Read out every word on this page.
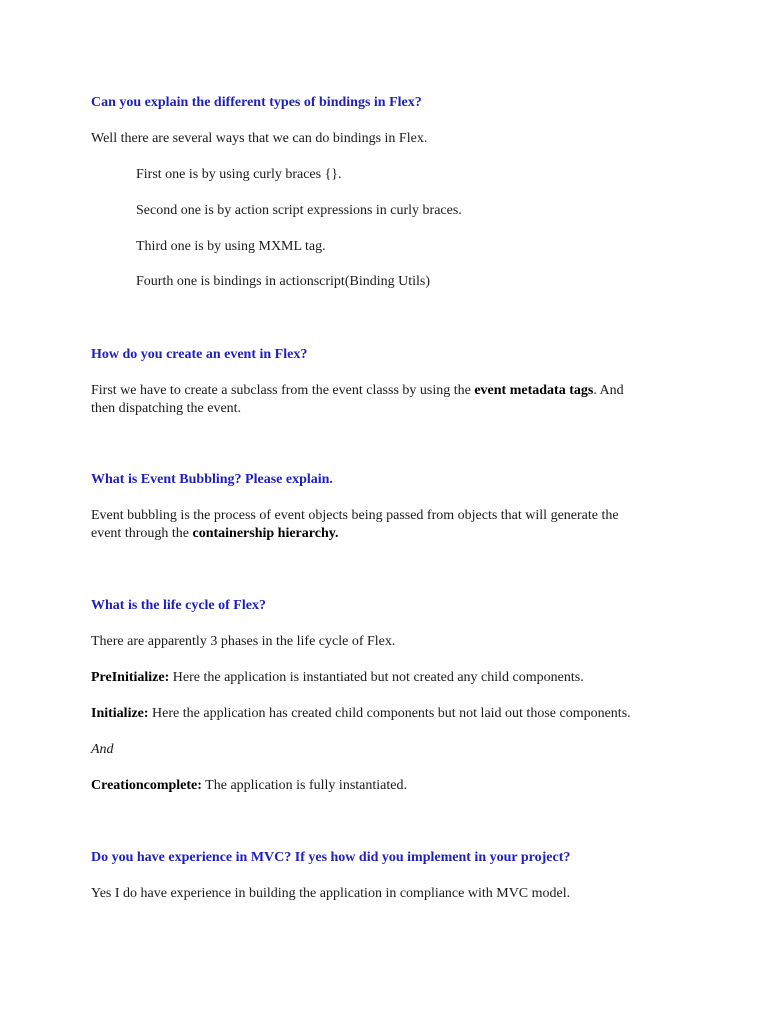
Can you explain the different types of bindings in Flex?
Well there are several ways that we can do bindings in Flex.
First one is by using curly braces {}.
Second one is by action script expressions in curly braces.
Third one is by using MXML tag.
Fourth one is bindings in actionscript(Binding Utils)
How do you create an event in Flex?
First we have to create a subclass from the event classs by using the event metadata tags. And
then dispatching the event.
What is Event Bubbling? Please explain.
Event bubbling is the process of event objects being passed from objects that will generate the
event through the containership hierarchy.
What is the life cycle of Flex?
There are apparently 3 phases in the life cycle of Flex.
PreInitialize: Here the application is instantiated but not created any child components.
Initialize: Here the application has created child components but not laid out those components.
And
Creationcomplete: The application is fully instantiated.
Do you have experience in MVC? If yes how did you implement in your project?
Yes I do have experience in building the application in compliance with MVC model.
